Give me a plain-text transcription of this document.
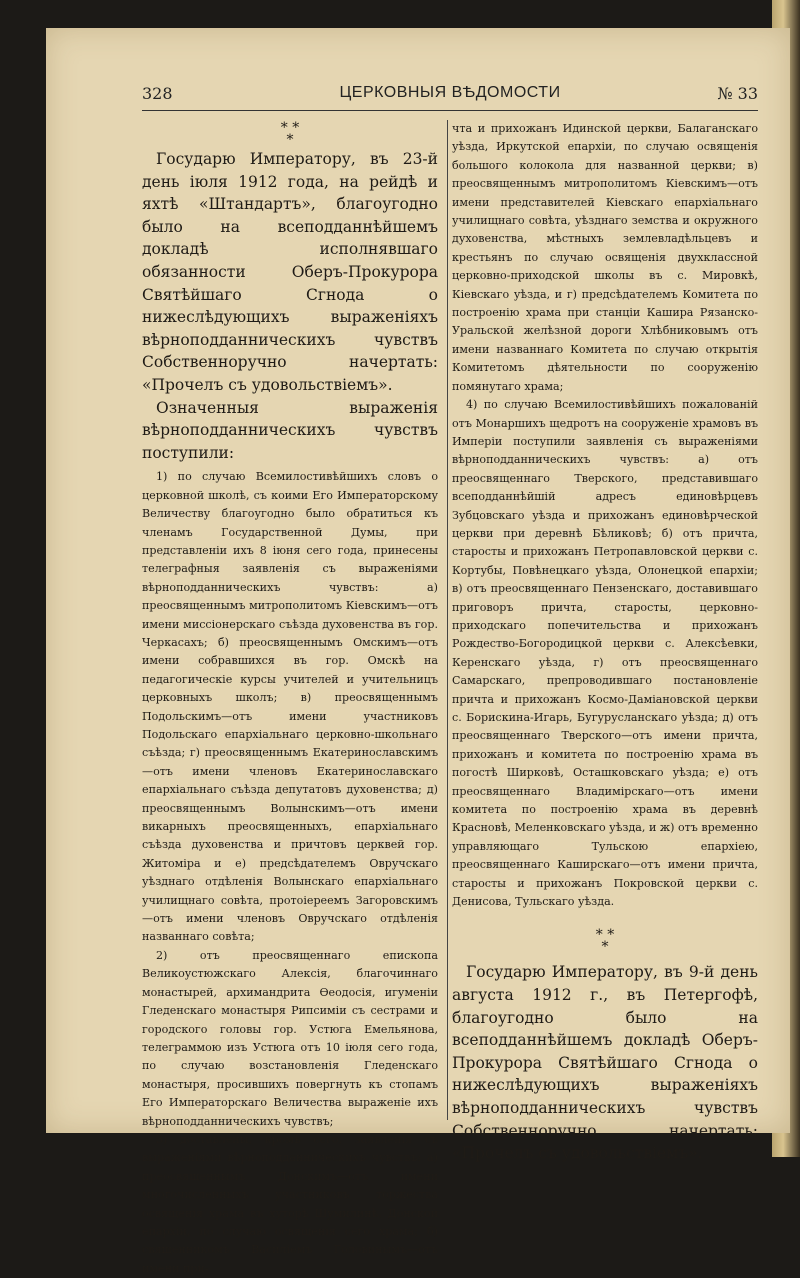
328	ЦЕРКОВНЫЯ ВѢДОМОСТИ	№ 33
* *
*

Государю Императору, въ 23-й день іюля 1912 года, на рейдѣ и яхтѣ «Штандартъ», благоугодно было на всеподданнѣйшемъ докладѣ исполнявшаго обязанности Оберъ-Прокурора Святѣйшаго Сгнода о нижеслѣдующихъ выраженіяхъ вѣрноподданническихъ чувствъ Собственноручно начертать: «Прочелъ съ удовольствіемъ».

Означенныя выраженія вѣрноподданническихъ чувствъ поступили:

1) по случаю Всемилостивѣйшихъ словъ о церковной школѣ, съ коими Его Императорскому Величеству благоугодно было обратиться къ членамъ Государственной Думы, при представленіи ихъ 8 іюня сего года, принесены телеграфныя заявленія съ выраженіями вѣрноподданническихъ чувствъ: а) преосвященнымъ митрополитомъ Кіевскимъ—отъ имени миссіонерскаго съѣзда духовенства въ гор. Черкасахъ; б) преосвященнымъ Омскимъ—отъ имени собравшихся въ гор. Омскѣ на педагогическіе курсы учителей и учительницъ церковныхъ школъ; в) преосвященнымъ Подольскимъ—отъ имени участниковъ Подольскаго епархіальнаго церковно-школьнаго съѣзда; г) преосвященнымъ Екатеринославскимъ—отъ имени членовъ Екатеринославскаго епархіальнаго съѣзда депутатовъ духовенства; д) преосвященнымъ Волынскимъ—отъ имени викарныхъ преосвященныхъ, епархіальнаго съѣзда духовенства и причтовъ церквей гор. Житоміра и е) предсѣдателемъ Овручскаго уѣзднаго отдѣленія Волынскаго епархіальнаго училищнаго совѣта, протоіереемъ Загоровскимъ—отъ имени членовъ Овручскаго отдѣленія названнаго совѣта;

2) отъ преосвященнаго епископа Великоустюжскаго Алексія, благочиннаго монастырей, архимандрита Ѳеодосія, игуменіи Гледенскаго монастыря Рипсиміи съ сестрами и городского головы гор. Устюга Емельянова, телеграммою изъ Устюга отъ 10 іюля сего года, по случаю возстановленія Гледенскаго монастыря, просившихъ повергнуть къ стопамъ Его Императорскаго Величества выраженіе ихъ вѣрноподданническихъ чувствъ;

3) доставлены, кромѣ сего, заявленія съ выраженіями вѣрноподданническихъ чувствъ: а) преосвященнымъ Донскимъ—отъ имени многочисленныхъ участниковъ торжества освященія храма въ хуторѣ Шумилинѣ, Донской епархіи, по случаю освященія сего храма; б) священникомъ Василіемъ Головинымъ—отъ имени при-

чта и прихожанъ Идинской церкви, Балаганскаго уѣзда, Иркутской епархіи, по случаю освященія большого колокола для названной церкви; в) преосвященнымъ митрополитомъ Кіевскимъ—отъ имени представителей Кіевскаго епархіальнаго училищнаго совѣта, уѣзднаго земства и окружного духовенства, мѣстныхъ землевладѣльцевъ и крестьянъ по случаю освященія двухклассной церковно-приходской школы въ с. Мировкѣ, Кіевскаго уѣзда, и г) предсѣдателемъ Комитета по построенію храма при станціи Кашира Рязанско-Уральской желѣзной дороги Хлѣбниковымъ отъ имени названнаго Комитета по случаю открытія Комитетомъ дѣятельности по сооруженію помянутаго храма;

4) по случаю Всемилостивѣйшихъ пожалованій отъ Монаршихъ щедротъ на сооруженіе храмовъ въ Имперіи поступили заявленія съ выраженіями вѣрноподданническихъ чувствъ: а) отъ преосвященнаго Тверского, представившаго всеподданнѣйшій адресъ единовѣрцевъ Зубцовскаго уѣзда и прихожанъ единовѣрческой церкви при деревнѣ Бѣликовѣ; б) отъ причта, старосты и прихожанъ Петропавловской церкви с. Кортубы, Повѣнецкаго уѣзда, Олонецкой епархіи; в) отъ преосвященнаго Пензенскаго, доставившаго приговоръ причта, старосты, церковно-приходскаго попечительства и прихожанъ Рождество-Богородицкой церкви с. Алексѣевки, Керенскаго уѣзда, г) отъ преосвященнаго Самарскаго, препроводившаго постановленіе причта и прихожанъ Космо-Даміановской церкви с. Борискина-Игарь, Бугурусланскаго уѣзда; д) отъ преосвященнаго Тверского—отъ имени причта, прихожанъ и комитета по построенію храма въ погостѣ Ширковѣ, Осташковскаго уѣзда; е) отъ преосвященнаго Владимірскаго—отъ имени комитета по построенію храма въ деревнѣ Красновѣ, Меленковскаго уѣзда, и ж) отъ временно управляющаго Тульскою епархіею, преосвященнаго Каширскаго—отъ имени причта, старосты и прихожанъ Покровской церкви с. Денисова, Тульскаго уѣзда.

* *
*

Государю Императору, въ 9-й день августа 1912 г., въ Петергофѣ, благоугодно было на всеподданнѣйшемъ докладѣ Оберъ-Прокурора Святѣйшаго Сгнода о нижеслѣдующихъ выраженіяхъ вѣрноподданническихъ чувствъ Собственноручно начертать: «Прочелъ съ удовольствіемъ».
